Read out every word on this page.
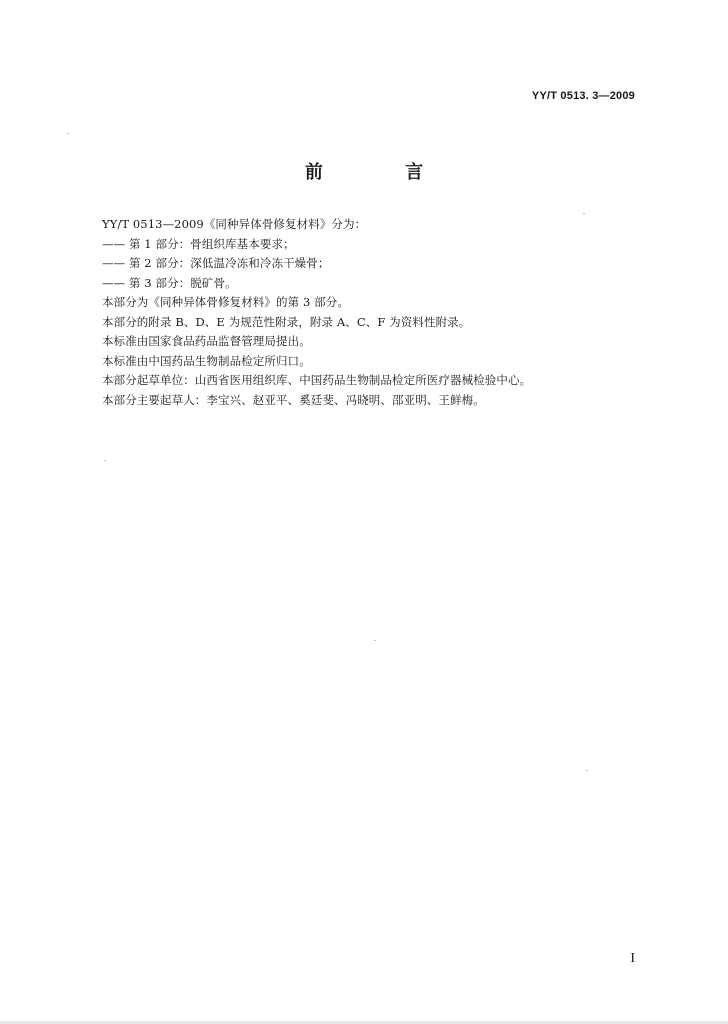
YY/T 0513. 3—2009
前 言
YY/T 0513—2009《同种异体骨修复材料》分为：
—— 第 1 部分：骨组织库基本要求；
—— 第 2 部分：深低温冷冻和冷冻干燥骨；
—— 第 3 部分：脱矿骨。
本部分为《同种异体骨修复材料》的第 3 部分。
本部分的附录 B、D、E 为规范性附录，附录 A、C、F 为资料性附录。
本标准由国家食品药品监督管理局提出。
本标准由中国药品生物制品检定所归口。
本部分起草单位：山西省医用组织库、中国药品生物制品检定所医疗器械检验中心。
本部分主要起草人：李宝兴、赵亚平、奚廷斐、冯晓明、邵亚明、王鲜梅。
I
